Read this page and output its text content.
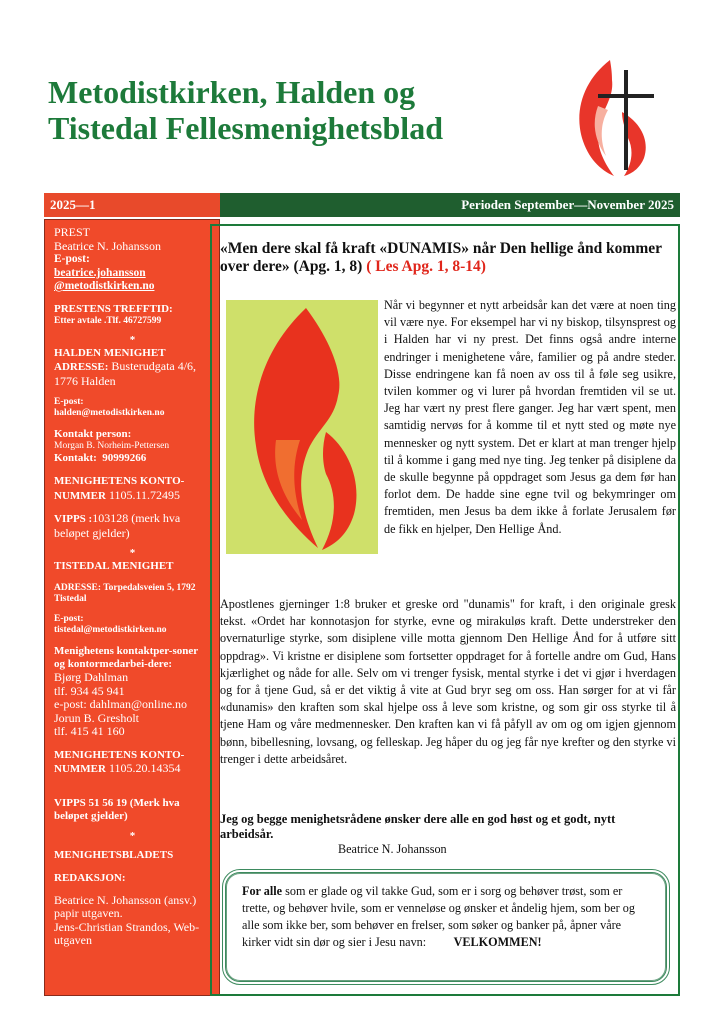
Metodistkirken, Halden og
Tistedal Fellesmenighetsblad
2025—1	Perioden September—November 2025
PREST
Beatrice N. Johansson
E-post:
beatrice.johansson
@metodistkirken.no
PRESTENS TREFFTID:
Etter avtale .Tlf. 46727599
*
HALDEN MENIGHET
ADRESSE: Busterudgata 4/6, 1776 Halden
E-post:
halden@metodistkirken.no
Kontakt person:
Morgan B. Norheim-Pettersen
Kontakt: 90999266
MENIGHETENS KONTO-NUMMER 1105.11.72495
VIPPS :103128 (merk hva beløpet gjelder)
*
TISTEDAL MENIGHET
ADRESSE: Torpedalsveien 5, 1792 Tistedal
E-post:
tistedal@metodistkirken.no
Menighetens kontaktper-soner og kontormedarbei-dere:
Bjørg Dahlman
tlf. 934 45 941
e-post: dahlman@online.no
Jorun B. Gresholt
tlf. 415 41 160
MENIGHETENS KONTO-NUMMER 1105.20.14354
VIPPS 51 56 19 (Merk hva beløpet gjelder)
*
MENIGHETSBLADETS
REDAKSJON:
Beatrice N. Johansson (ansv.) papir utgaven.
Jens-Christian Strandos, Web-utgaven
«Men dere skal få kraft «DUNAMIS» når Den hellige ånd kommer over dere» (Apg. 1, 8) ( Les Apg. 1, 8-14)
Når vi begynner et nytt arbeidsår kan det være at noen ting vil være nye. For eksempel har vi ny biskop, tilsynsprest og i Halden har vi ny prest. Det finns også andre interne endringer i menighetene våre, familier og på andre steder. Disse endringene kan få noen av oss til å føle seg usikre, tvilen kommer og vi lurer på hvordan fremtiden vil se ut. Jeg har vært ny prest flere ganger. Jeg har vært spent, men samtidig nervøs for å komme til et nytt sted og møte nye mennesker og nytt system. Det er klart at man trenger hjelp til å komme i gang med nye ting. Jeg tenker på disiplene da de skulle begynne på oppdraget som Jesus ga dem før han forlot dem. De hadde sine egne tvil og bekymringer om fremtiden, men Jesus ba dem ikke å forlate Jerusalem før de fikk en hjelper, Den Hellige Ånd.
Apostlenes gjerninger 1:8 bruker et greske ord "dunamis" for kraft, i den originale gresk tekst. «Ordet har konnotasjon for styrke, evne og mirakuløs kraft. Dette understreker den overnaturlige styrke, som disiplene ville motta gjennom Den Hellige Ånd for å utføre sitt oppdrag». Vi kristne er disiplene som fortsetter oppdraget for å fortelle andre om Gud, Hans kjærlighet og nåde for alle. Selv om vi trenger fysisk, mental styrke i det vi gjør i hverdagen og for å tjene Gud, så er det viktig å vite at Gud bryr seg om oss. Han sørger for at vi får «dunamis» den kraften som skal hjelpe oss å leve som kristne, og som gir oss styrke til å tjene Ham og våre medmennesker. Den kraften kan vi få påfyll av om og om igjen gjennom bønn, bibellesning, lovsang, og felleskap. Jeg håper du og jeg får nye krefter og den styrke vi trenger i dette arbeidsåret.
Jeg og begge menighetsrådene ønsker dere alle en god høst og et godt, nytt arbeidsår.
Beatrice N. Johansson
For alle som er glade og vil takke Gud, som er i sorg og behøver trøst, som er trette, og behøver hvile, som er venneløse og ønsker et åndelig hjem, som ber og alle som ikke ber, som behøver en frelser, som søker og banker på, åpner våre kirker vidt sin dør og sier i Jesu navn: VELKOMMEN!
